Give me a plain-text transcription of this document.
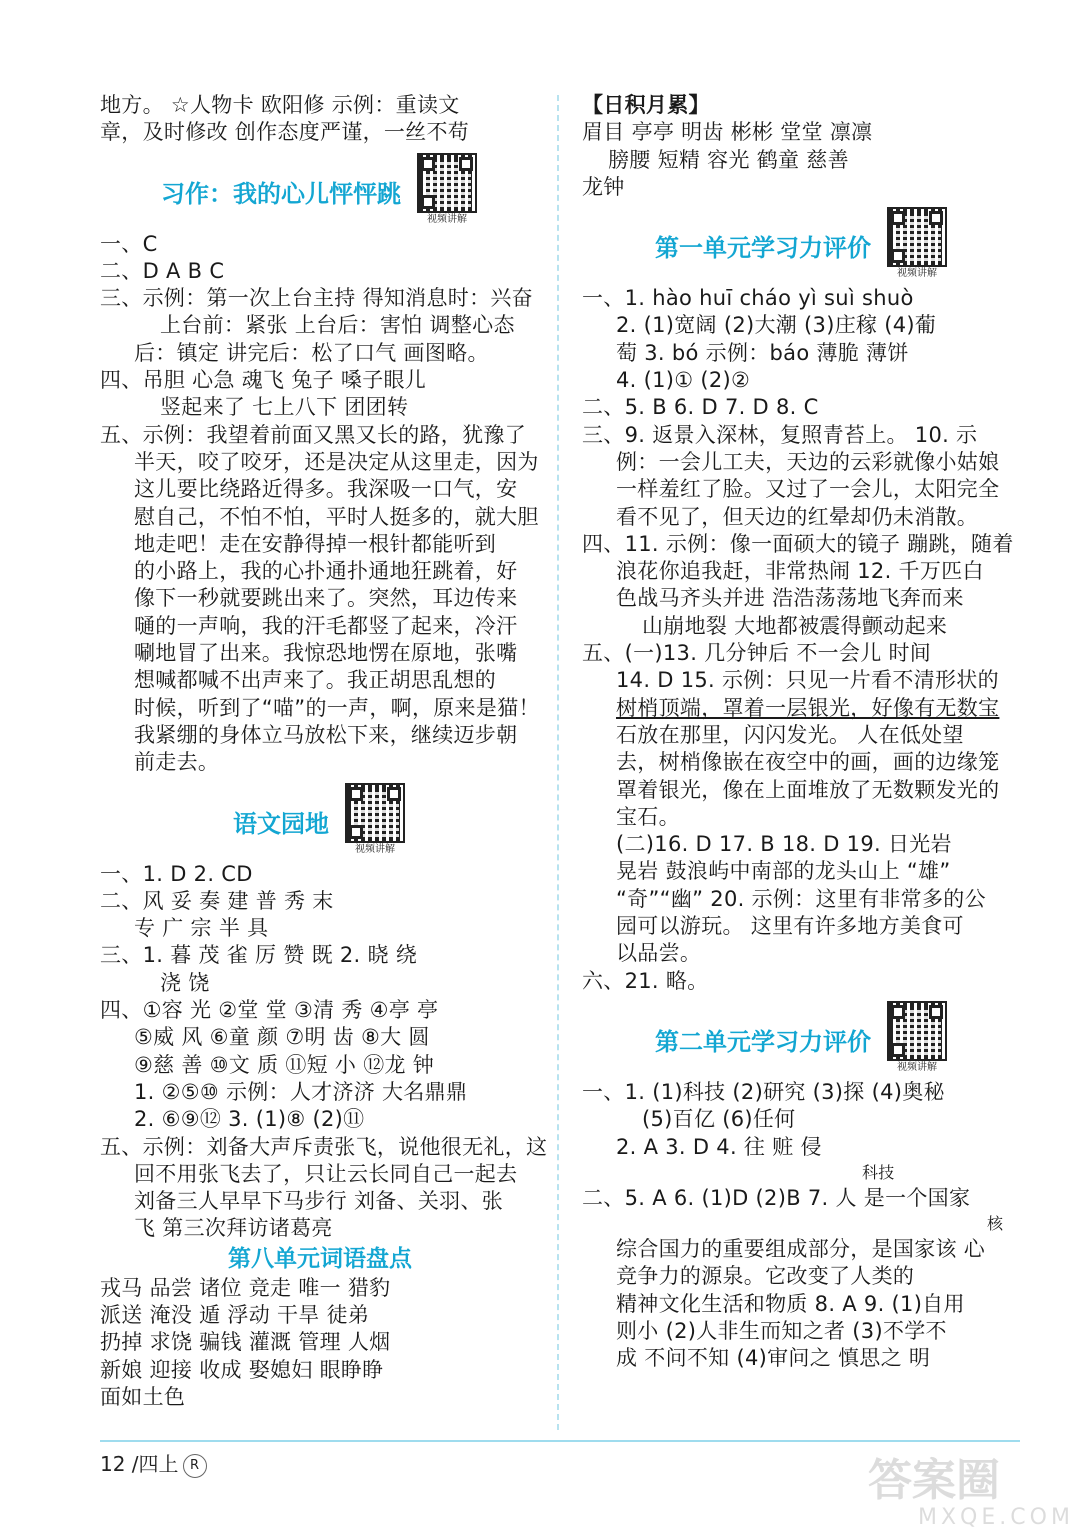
地方。 ☆人物卡 欧阳修 示例：重读文
章，及时修改 创作态度严谨，一丝不苟
习作：我的心儿怦怦跳
视频讲解
一、C
二、D A B C
三、示例：第一次上台主持 得知消息时：兴奋
上台前：紧张 上台后：害怕 调整心态
后：镇定 讲完后：松了口气 画图略。
四、吊胆 心急 魂飞 兔子 嗓子眼儿
竖起来了 七上八下 团团转
五、示例：我望着前面又黑又长的路，犹豫了
半天，咬了咬牙，还是决定从这里走，因为
这儿要比绕路近得多。我深吸一口气，安
慰自己，不怕不怕，平时人挺多的，就大胆
地走吧！走在安静得掉一根针都能听到
的小路上，我的心扑通扑通地狂跳着，好
像下一秒就要跳出来了。突然，耳边传来
嗵的一声响，我的汗毛都竖了起来，冷汗
唰地冒了出来。我惊恐地愣在原地，张嘴
想喊都喊不出声来了。我正胡思乱想的
时候，听到了“喵”的一声，啊，原来是猫！
我紧绷的身体立马放松下来，继续迈步朝
前走去。
语文园地
视频讲解
一、1. D 2. CD
二、风 妥 奏 建 普 秀 末
专 广 宗 半 具
三、1. 暮 茂 雀 厉 赞 既 2. 晓 绕
浇 饶
四、①容 光 ②堂 堂 ③清 秀 ④亭 亭
⑤威 风 ⑥童 颜 ⑦明 齿 ⑧大 圆
⑨慈 善 ⑩文 质 ⑪短 小 ⑫龙 钟
1. ②⑤⑩ 示例：人才济济 大名鼎鼎
2. ⑥⑨⑫ 3. (1)⑧ (2)⑪
五、示例：刘备大声斥责张飞，说他很无礼，这
回不用张飞去了，只让云长同自己一起去
刘备三人早早下马步行 刘备、关羽、张
飞 第三次拜访诸葛亮
第八单元词语盘点
戎马 品尝 诸位 竞走 唯一 猎豹
派送 淹没 遁 浮动 干旱 徒弟
扔掉 求饶 骗钱 灌溉 管理 人烟
新娘 迎接 收成 娶媳妇 眼睁睁
面如土色
【日积月累】
眉目 亭亭 明齿 彬彬 堂堂 凛凛
膀腰 短精 容光 鹤童 慈善
龙钟
第一单元学习力评价
视频讲解
一、1. hào huī cháo yì suì shuò
2. (1)宽阔 (2)大潮 (3)庄稼 (4)葡
萄 3. bó 示例：báo 薄脆 薄饼
4. (1)① (2)②
二、5. B 6. D 7. D 8. C
三、9. 返景入深林，复照青苔上。 10. 示
例：一会儿工夫，天边的云彩就像小姑娘
一样羞红了脸。又过了一会儿，太阳完全
看不见了，但天边的红晕却仍未消散。
四、11. 示例：像一面硕大的镜子 蹦跳，随着
浪花你追我赶，非常热闹 12. 千万匹白
色战马齐头并进 浩浩荡荡地飞奔而来
山崩地裂 大地都被震得颤动起来
五、(一)13. 几分钟后 不一会儿 时间
14. D 15. 示例：只见一片看不清形状的
树梢顶端，罩着一层银光，好像有无数宝
石放在那里，闪闪发光。 人在低处望
去，树梢像嵌在夜空中的画，画的边缘笼
罩着银光，像在上面堆放了无数颗发光的
宝石。
(二)16. D 17. B 18. D 19. 日光岩
晃岩 鼓浪屿中南部的龙头山上 “雄”
“奇”“幽” 20. 示例：这里有非常多的公
园可以游玩。 这里有许多地方美食可
以品尝。
六、21. 略。
第二单元学习力评价
视频讲解
一、1. (1)科技 (2)研究 (3)探 (4)奥秘
(5)百亿 (6)任何
2. A 3. D 4. 往 赃 侵
科技
二、5. A 6. (1)D (2)B 7. 人 是一个国家
核
综合国力的重要组成部分，是国家该 心
竞争力的源泉。它改变了人类的
精神文化生活和物质 8. A 9. (1)自用
则小 (2)人非生而知之者 (3)不学不
成 不问不知 (4)审问之 慎思之 明
12 /四上 R	答案圈
MXQE.COM
